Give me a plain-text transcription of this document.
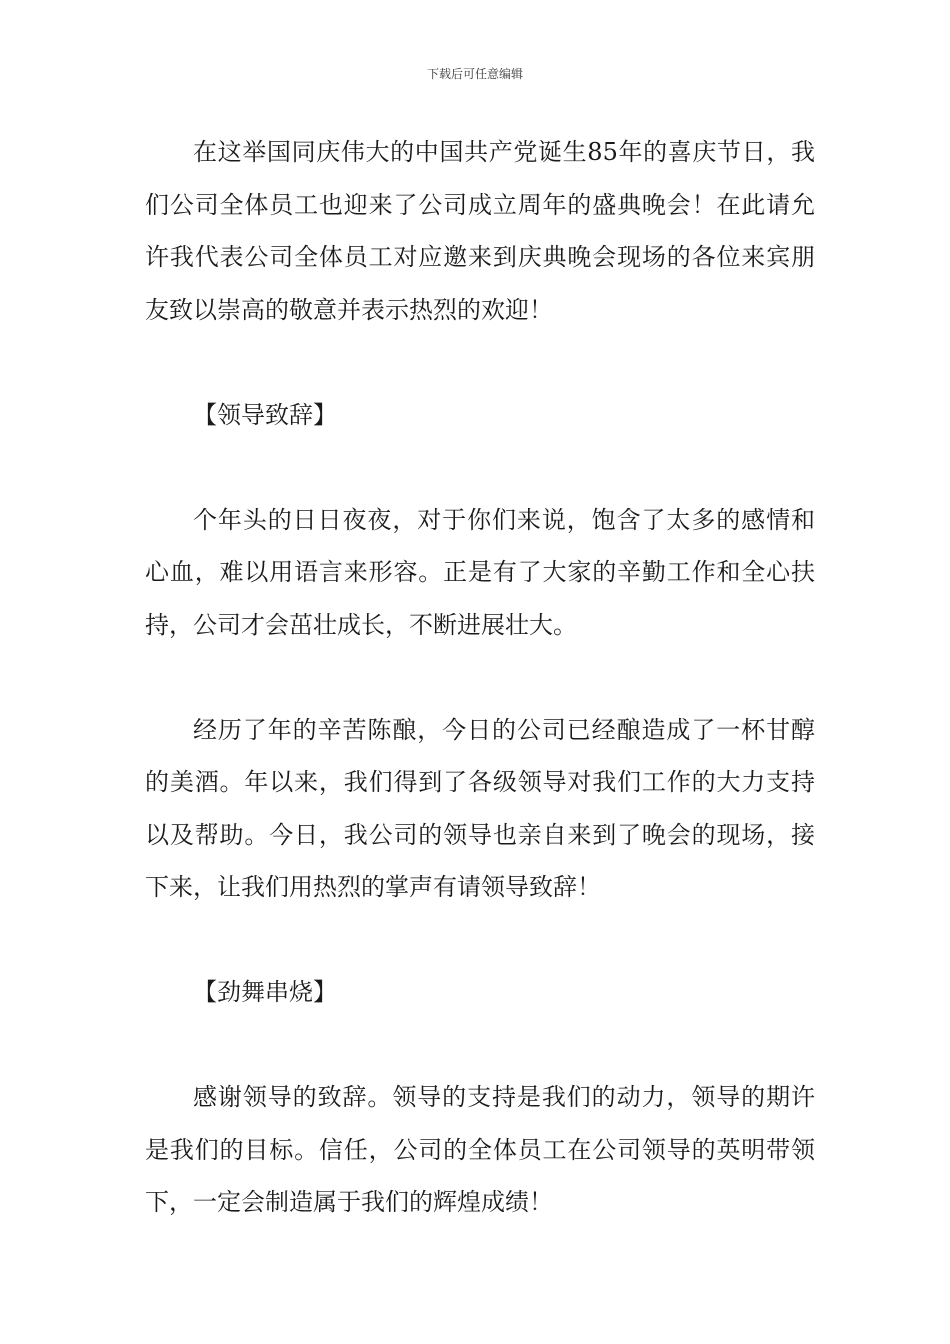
下载后可任意编辑

在这举国同庆伟大的中国共产党诞生85年的喜庆节日，我们公司全体员工也迎来了公司成立周年的盛典晚会！在此请允许我代表公司全体员工对应邀来到庆典晚会现场的各位来宾朋友致以崇高的敬意并表示热烈的欢迎！

【领导致辞】

个年头的日日夜夜，对于你们来说，饱含了太多的感情和心血，难以用语言来形容。正是有了大家的辛勤工作和全心扶持，公司才会茁壮成长，不断进展壮大。

经历了年的辛苦陈酿，今日的公司已经酿造成了一杯甘醇的美酒。年以来，我们得到了各级领导对我们工作的大力支持以及帮助。今日，我公司的领导也亲自来到了晚会的现场，接下来，让我们用热烈的掌声有请领导致辞！

【劲舞串烧】

感谢领导的致辞。领导的支持是我们的动力，领导的期许是我们的目标。信任，公司的全体员工在公司领导的英明带领下，一定会制造属于我们的辉煌成绩！
